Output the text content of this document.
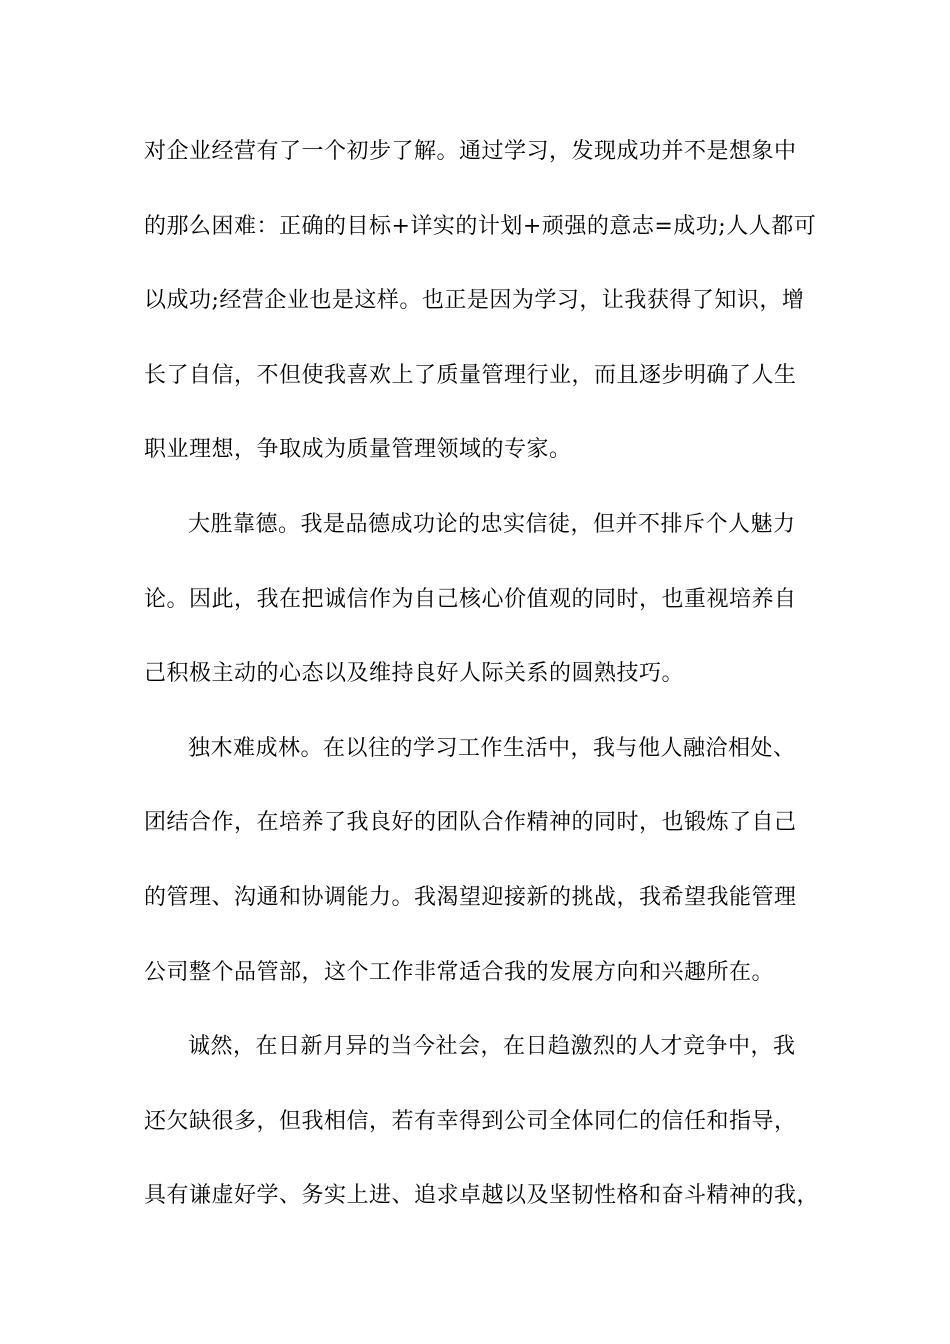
对企业经营有了一个初步了解。通过学习，发现成功并不是想象中
的那么困难：正确的目标+详实的计划+顽强的意志=成功;人人都可
以成功;经营企业也是这样。也正是因为学习，让我获得了知识，增
长了自信，不但使我喜欢上了质量管理行业，而且逐步明确了人生
职业理想，争取成为质量管理领域的专家。
大胜靠德。我是品德成功论的忠实信徒，但并不排斥个人魅力
论。因此，我在把诚信作为自己核心价值观的同时，也重视培养自
己积极主动的心态以及维持良好人际关系的圆熟技巧。
独木难成林。在以往的学习工作生活中，我与他人融洽相处、
团结合作，在培养了我良好的团队合作精神的同时，也锻炼了自己
的管理、沟通和协调能力。我渴望迎接新的挑战，我希望我能管理
公司整个品管部，这个工作非常适合我的发展方向和兴趣所在。
诚然，在日新月异的当今社会，在日趋激烈的人才竞争中，我
还欠缺很多，但我相信，若有幸得到公司全体同仁的信任和指导，
具有谦虚好学、务实上进、追求卓越以及坚韧性格和奋斗精神的我，
